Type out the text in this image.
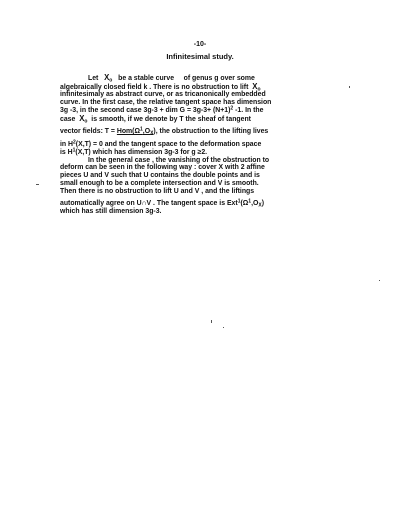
-10-
Infinitesimal study.
Let $X_o$ be a stable curve of genus g over some
algebraically closed field k . There is no obstruction to lift $X_o$
infinitesimaly as abstract curve, or as tricanonically embedded
curve. In the first case, the relative tangent space has dimension
3g -3, in the second case 3g-3 + dim $G = 3g-3+ (N+1)^2$ -1. In the
case $X_o$ is smooth, if we denote by T the sheaf of tangent
vector fields: $T = Hom(\Omega^1,O_X)$, the obstruction to the lifting lives
in $H^2(X,T) = 0$ and the tangent space to the deformation space
is $H^1(X,T)$ which has dimension 3g-3 for g ≥2.
In the general case , the vanishing of the obstruction to
deform can be seen in the following way : cover X with 2 affine
pieces U and V such that U contains the double points and is
small enough to be a complete intersection and V is smooth.
Then there is no obstruction to lift U and V , and the liftings
automatically agree on U∩V . The tangent space is $Ext^1(\Omega^1,O_X)$
which has still dimension 3g-3.
